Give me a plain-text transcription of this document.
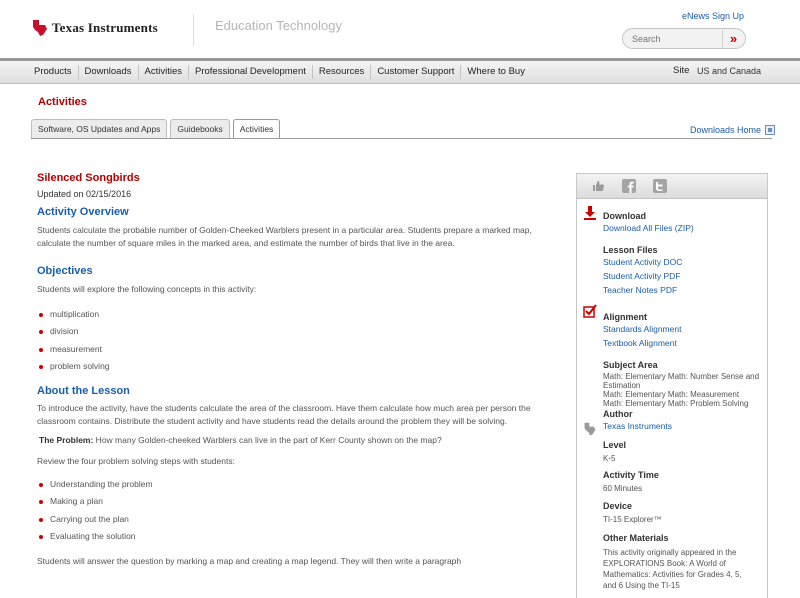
Texas Instruments	Education Technology
eNews Sign Up
Search
»
Products	Downloads	Activities	Professional Development	Resources	Customer Support	Where to Buy	Site US and Canada
Activities
Software, OS Updates and Apps	Guidebooks	Activities	Downloads Home
Silenced Songbirds
Updated on 02/15/2016
Activity Overview

Students calculate the probable number of Golden-Cheeked Warblers present in a particular area. Students prepare a marked map, calculate the number of square miles in the marked area, and estimate the number of birds that live in the area.

Objectives

Students will explore the following concepts in this activity:

multiplication
division
measurement
problem solving
About the Lesson

To introduce the activity, have the students calculate the area of the classroom. Have them calculate how much area per person the classroom contains. Distribute the student activity and have students read the details around the problem they will be solving.

The Problem: How many Golden-cheeked Warblers can live in the part of Kerr County shown on the map?

Review the four problem solving steps with students:

Understanding the problem
Making a plan
Carrying out the plan
Evaluating the solution

Students will answer the question by marking a map and creating a map legend. They will then write a paragraph

Download
Download All Files (ZIP)
Lesson Files
Student Activity DOC
Student Activity PDF
Teacher Notes PDF
Alignment
Standards Alignment
Textbook Alignment
Subject Area
Math: Elementary Math: Number Sense and Estimation
Math: Elementary Math: Measurement
Math: Elementary Math: Problem Solving
Author
Texas Instruments
Level
K-5
Activity Time
60 Minutes
Device
TI-15 Explorer™
Other Materials
This activity originally appeared in the EXPLORATIONS Book: A World of Mathematics: Activities for Grades 4, 5, and 6 Using the TI-15
